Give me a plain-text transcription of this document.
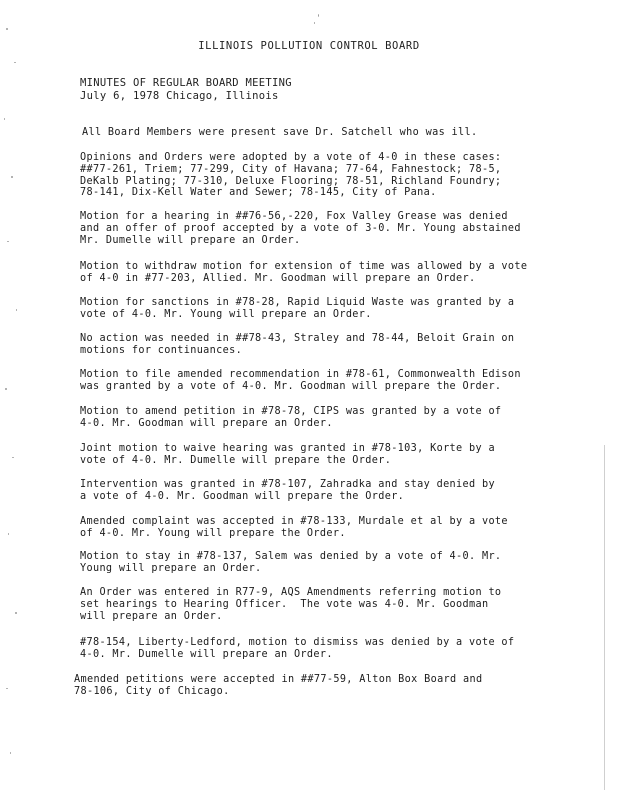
ILLINOIS POLLUTION CONTROL BOARD
MINUTES OF REGULAR BOARD MEETING
July 6, 1978 Chicago, Illinois

All Board Members were present save Dr. Satchell who was ill.

Opinions and Orders were adopted by a vote of 4-0 in these cases:
##77-261, Triem; 77-299, City of Havana; 77-64, Fahnestock; 78-5,
DeKalb Plating; 77-310, Deluxe Flooring; 78-51, Richland Foundry;
78-141, Dix-Kell Water and Sewer; 78-145, City of Pana.

Motion for a hearing in ##76-56,-220, Fox Valley Grease was denied
and an offer of proof accepted by a vote of 3-0. Mr. Young abstained
Mr. Dumelle will prepare an Order.

Motion to withdraw motion for extension of time was allowed by a vote
of 4-0 in #77-203, Allied. Mr. Goodman will prepare an Order.

Motion for sanctions in #78-28, Rapid Liquid Waste was granted by a
vote of 4-0. Mr. Young will prepare an Order.

No action was needed in ##78-43, Straley and 78-44, Beloit Grain on
motions for continuances.

Motion to file amended recommendation in #78-61, Commonwealth Edison
was granted by a vote of 4-0. Mr. Goodman will prepare the Order.

Motion to amend petition in #78-78, CIPS was granted by a vote of
4-0. Mr. Goodman will prepare an Order.

Joint motion to waive hearing was granted in #78-103, Korte by a
vote of 4-0. Mr. Dumelle will prepare the Order.

Intervention was granted in #78-107, Zahradka and stay denied by
a vote of 4-0. Mr. Goodman will prepare the Order.

Amended complaint was accepted in #78-133, Murdale et al by a vote
of 4-0. Mr. Young will prepare the Order.

Motion to stay in #78-137, Salem was denied by a vote of 4-0. Mr.
Young will prepare an Order.

An Order was entered in R77-9, AQS Amendments referring motion to
set hearings to Hearing Officer.  The vote was 4-0. Mr. Goodman
will prepare an Order.

#78-154, Liberty-Ledford, motion to dismiss was denied by a vote of
4-0. Mr. Dumelle will prepare an Order.

Amended petitions were accepted in ##77-59, Alton Box Board and
78-106, City of Chicago.
